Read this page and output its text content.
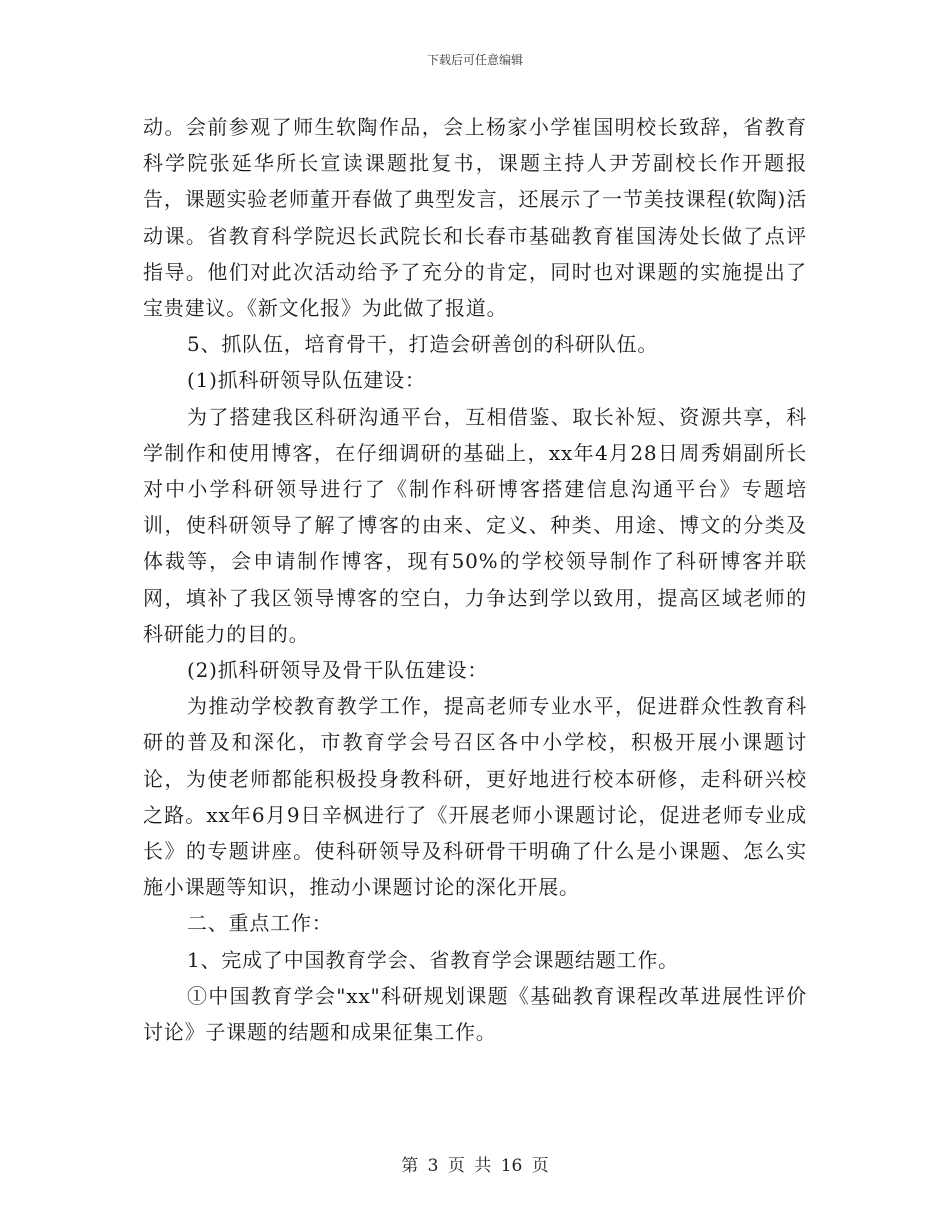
下载后可任意编辑

动。会前参观了师生软陶作品，会上杨家小学崔国明校长致辞，省教育科学院张延华所长宣读课题批复书，课题主持人尹芳副校长作开题报告，课题实验老师董开春做了典型发言，还展示了一节美技课程(软陶)活动课。省教育科学院迟长武院长和长春市基础教育崔国涛处长做了点评指导。他们对此次活动给予了充分的肯定，同时也对课题的实施提出了宝贵建议。《新文化报》为此做了报道。

5、抓队伍，培育骨干，打造会研善创的科研队伍。

(1)抓科研领导队伍建设：

为了搭建我区科研沟通平台，互相借鉴、取长补短、资源共享，科学制作和使用博客，在仔细调研的基础上，xx年4月28日周秀娟副所长对中小学科研领导进行了《制作科研博客搭建信息沟通平台》专题培训，使科研领导了解了博客的由来、定义、种类、用途、博文的分类及体裁等，会申请制作博客，现有50%的学校领导制作了科研博客并联网，填补了我区领导博客的空白，力争达到学以致用，提高区域老师的科研能力的目的。

(2)抓科研领导及骨干队伍建设：

为推动学校教育教学工作，提高老师专业水平，促进群众性教育科研的普及和深化，市教育学会号召区各中小学校，积极开展小课题讨论，为使老师都能积极投身教科研，更好地进行校本研修，走科研兴校之路。xx年6月9日辛枫进行了《开展老师小课题讨论，促进老师专业成长》的专题讲座。使科研领导及科研骨干明确了什么是小课题、怎么实施小课题等知识，推动小课题讨论的深化开展。

二、重点工作：

1、完成了中国教育学会、省教育学会课题结题工作。

①中国教育学会"xx"科研规划课题《基础教育课程改革进展性评价讨论》子课题的结题和成果征集工作。

第 3 页 共 16 页
